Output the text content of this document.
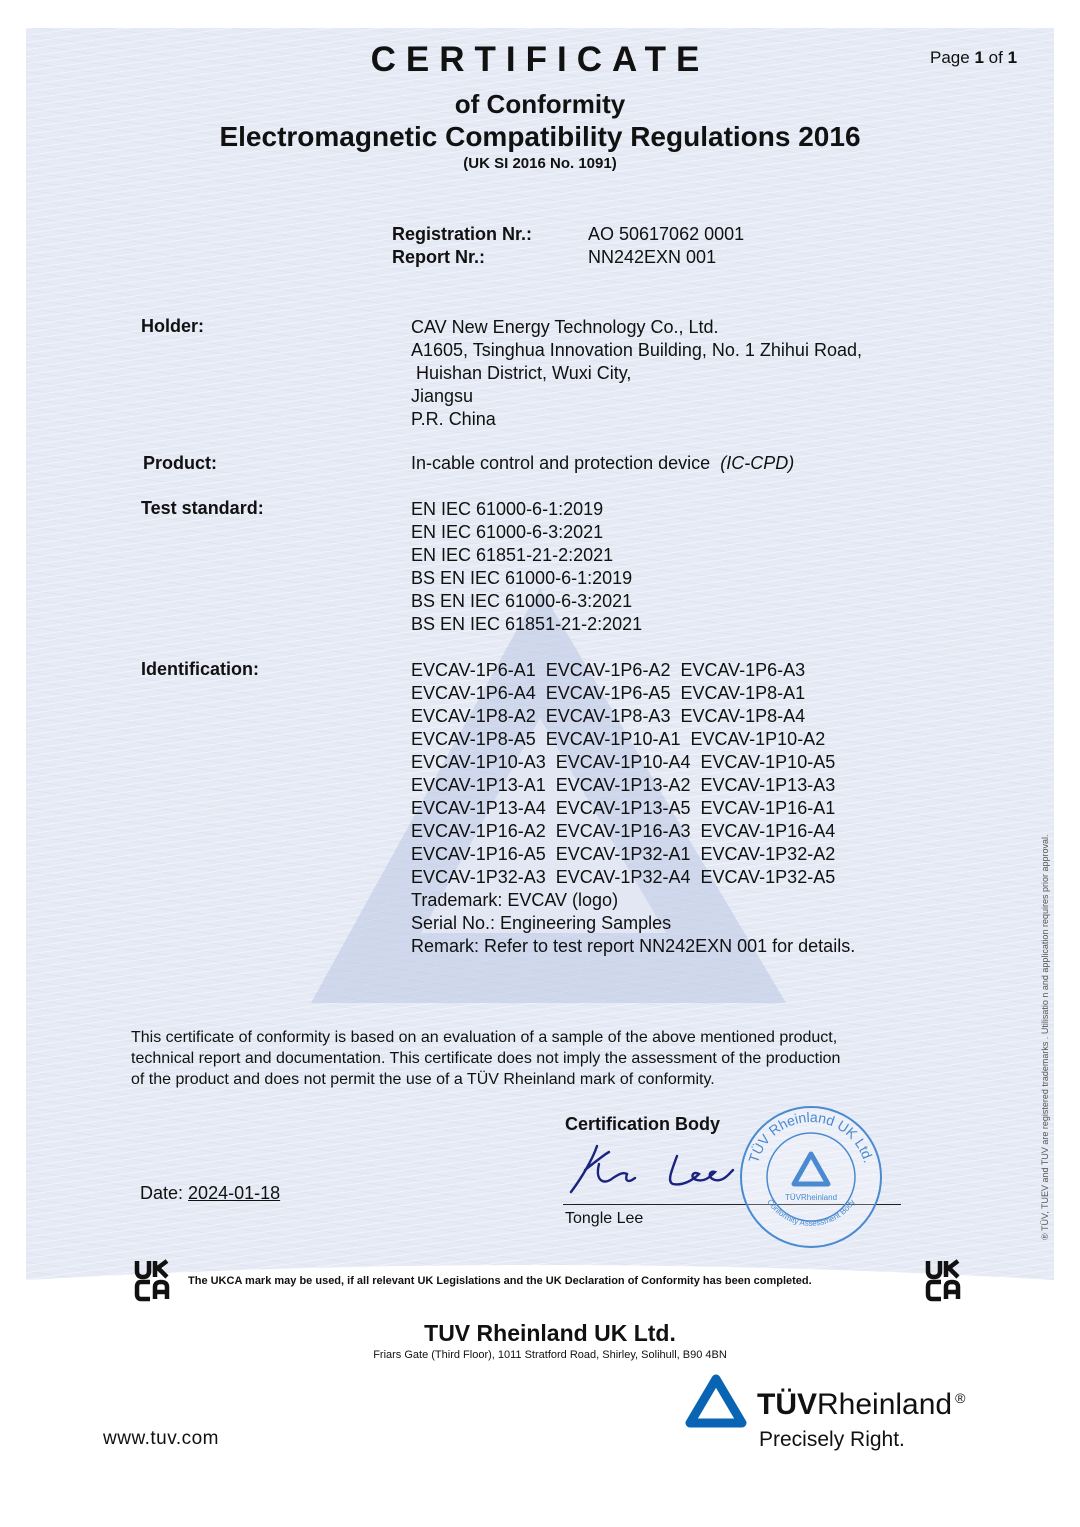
CERTIFICATE	Page 1 of 1
of Conformity
Electromagnetic Compatibility Regulations 2016
(UK SI 2016 No. 1091)
Registration Nr.:	AO 50617062 0001
Report Nr.:	NN242EXN 001
Holder:	CAV New Energy Technology Co., Ltd.
A1605, Tsinghua Innovation Building, No. 1 Zhihui Road,
Huishan District, Wuxi City,
Jiangsu
P.R. China
Product:	In-cable control and protection device (IC-CPD)
Test standard:	EN IEC 61000-6-1:2019
EN IEC 61000-6-3:2021
EN IEC 61851-21-2:2021
BS EN IEC 61000-6-1:2019
BS EN IEC 61000-6-3:2021
BS EN IEC 61851-21-2:2021
Identification:	EVCAV-1P6-A1  EVCAV-1P6-A2  EVCAV-1P6-A3
EVCAV-1P6-A4  EVCAV-1P6-A5  EVCAV-1P8-A1
EVCAV-1P8-A2  EVCAV-1P8-A3  EVCAV-1P8-A4
EVCAV-1P8-A5  EVCAV-1P10-A1  EVCAV-1P10-A2
EVCAV-1P10-A3  EVCAV-1P10-A4  EVCAV-1P10-A5
EVCAV-1P13-A1  EVCAV-1P13-A2  EVCAV-1P13-A3
EVCAV-1P13-A4  EVCAV-1P13-A5  EVCAV-1P16-A1
EVCAV-1P16-A2  EVCAV-1P16-A3  EVCAV-1P16-A4
EVCAV-1P16-A5  EVCAV-1P32-A1  EVCAV-1P32-A2
EVCAV-1P32-A3  EVCAV-1P32-A4  EVCAV-1P32-A5
Trademark: EVCAV (logo)
Serial No.: Engineering Samples
Remark: Refer to test report NN242EXN 001 for details.
This certificate of conformity is based on an evaluation of a sample of the above mentioned product,
technical report and documentation. This certificate does not imply the assessment of the production
of the product and does not permit the use of a TÜV Rheinland mark of conformity.
Certification Body
Tongle Lee
Date: 2024-01-18
TÜV Rheinland UK Ltd.
Conformity Assessment Body
TÜVRheinland
The UKCA mark may be used, if all relevant UK Legislations and the UK Declaration of Conformity has been completed.
TUV Rheinland UK Ltd.
Friars Gate (Third Floor), 1011 Stratford Road, Shirley, Solihull, B90 4BN
www.tuv.com
TÜVRheinland ®
Precisely Right.
® TÜV, TUEV and TUV are registered trademarks . Utilisatio n and application requires prior approval.
